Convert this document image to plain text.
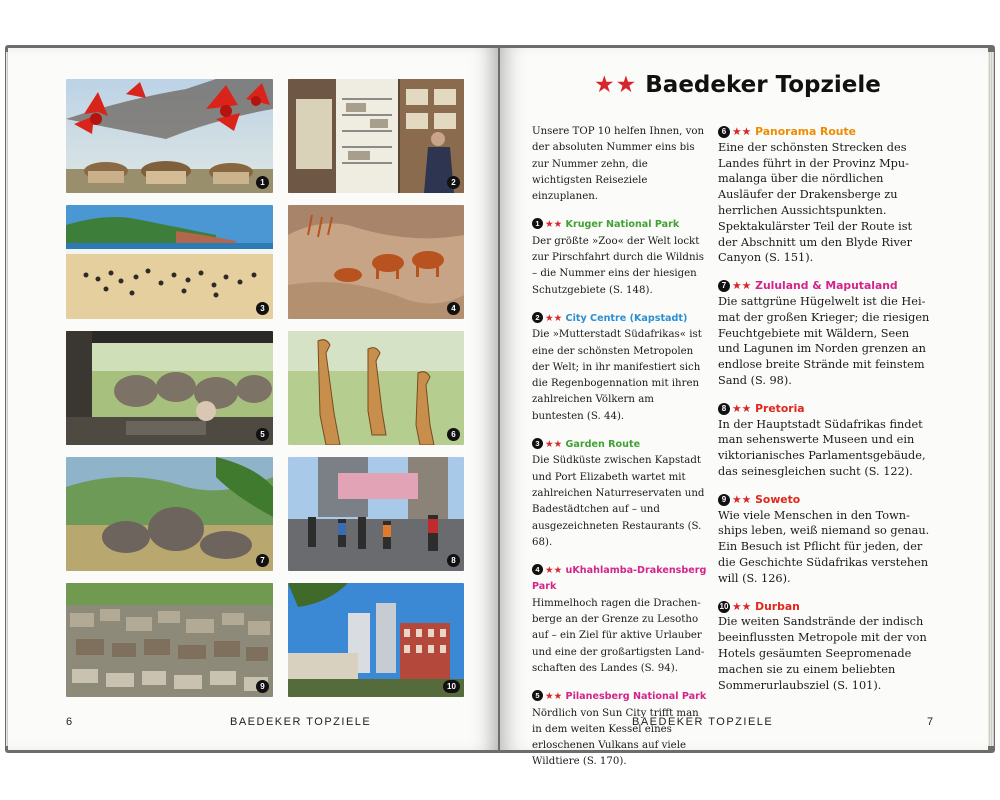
1	2
3	4
5	6
7	8
9	10
6	BAEDEKER TOPZIELE
★★ Baedeker Topziele

Unsere TOP 10 helfen Ihnen, von der absoluten Nummer eins bis zur Nummer zehn, die wichtigsten Reiseziele einzuplanen.

1 ★★ Kruger National Park

Der größte »Zoo« der Welt lockt zur Pirschfahrt durch die Wildnis – die Nummer eins der hiesigen Schutzgebiete (S. 148).

2 ★★ City Centre (Kapstadt)

Die »Mutterstadt Südafrikas« ist eine der schönsten Metropolen der Welt; in ihr manifestiert sich die Regenbogennation mit ihren zahlreichen Völkern am buntesten (S. 44).

3 ★★ Garden Route

Die Südküste zwischen Kapstadt und Port Elizabeth wartet mit zahlreichen Naturreservaten und Badestädtchen auf – und ausgezeichneten Restaurants (S. 68).

4 ★★ uKhahlamba-Drakensberg Park

Himmelhoch ragen die Drachenberge an der Grenze zu Lesotho auf – ein Ziel für aktive Urlauber und eine der großartigsten Landschaften des Landes (S. 94).

5 ★★ Pilanesberg National Park

Nördlich von Sun City trifft man in dem weiten Kessel eines erloschenen Vulkans auf viele Wildtiere (S. 170).

6 ★★ Panorama Route

Eine der schönsten Strecken des Landes führt in der Provinz Mpumalanga über die nördlichen Ausläufer der Drakensberge zu herrlichen Aussichtspunkten. Spektakulärster Teil der Route ist der Abschnitt um den Blyde River Canyon (S. 151).

7 ★★ Zululand & Maputaland

Die sattgrüne Hügelwelt ist die Heimat der großen Krieger; die riesigen Feuchtgebiete mit Wäldern, Seen und Lagunen im Norden grenzen an endlose breite Strände mit feinstem Sand (S. 98).

8 ★★ Pretoria

In der Hauptstadt Südafrikas findet man sehenswerte Museen und ein viktorianisches Parlamentsgebäude, das seinesgleichen sucht (S. 122).

9 ★★ Soweto

Wie viele Menschen in den Townships leben, weiß niemand so genau. Ein Besuch ist Pflicht für jeden, der die Geschichte Südafrikas verstehen will (S. 126).

10 ★★ Durban

Die weiten Sandstrände der indisch beeinflussten Metropole mit der von Hotels gesäumten Seepromenade machen sie zu einem beliebten Sommerurlaubsziel (S. 101).

BAEDEKER TOPZIELE	7
